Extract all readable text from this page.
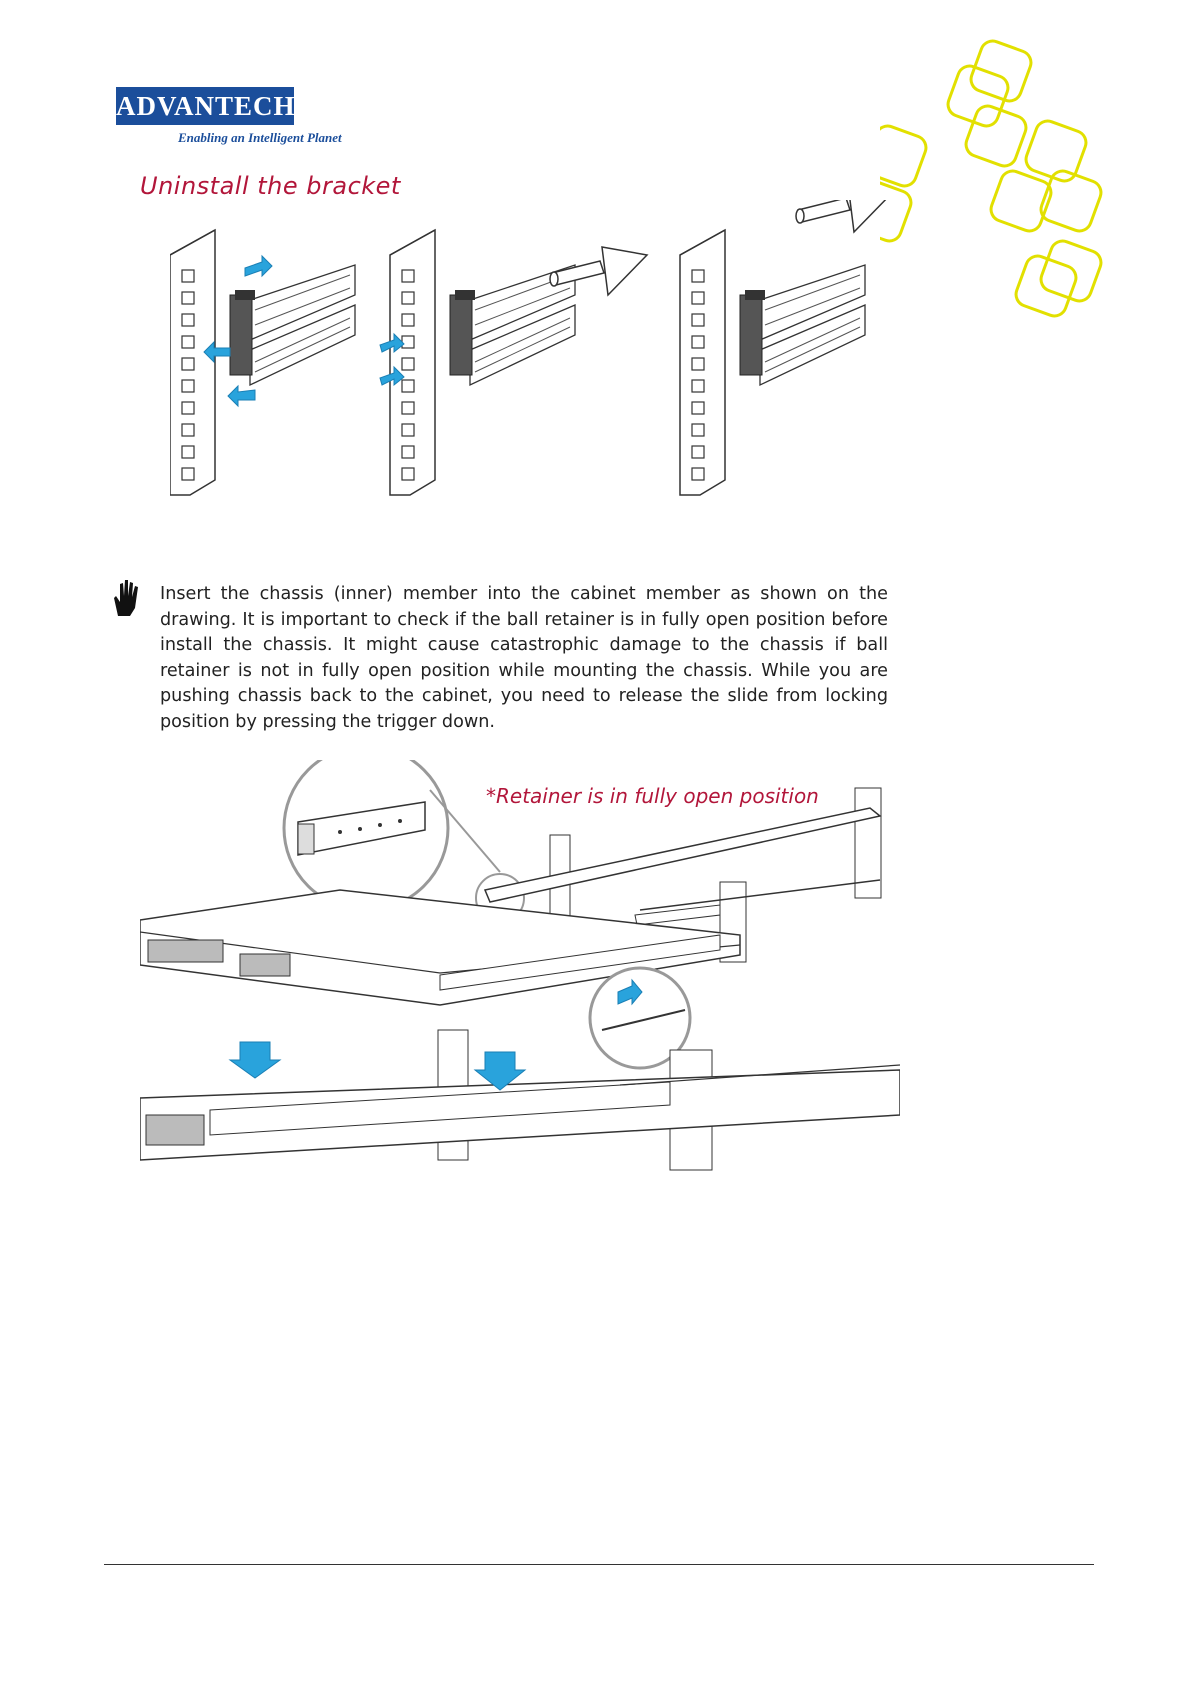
ADVANTECH
Enabling an Intelligent Planet
Uninstall the bracket
Insert the chassis (inner) member into the cabinet member as shown on the drawing. It is important to check if the ball retainer is in fully open position before install the chassis. It might cause catastrophic damage to the chassis if ball retainer is not in fully open position while mounting the chassis. While you are pushing chassis back to the cabinet, you need to release the slide from locking position by pressing the trigger down.
*Retainer is in fully open position
